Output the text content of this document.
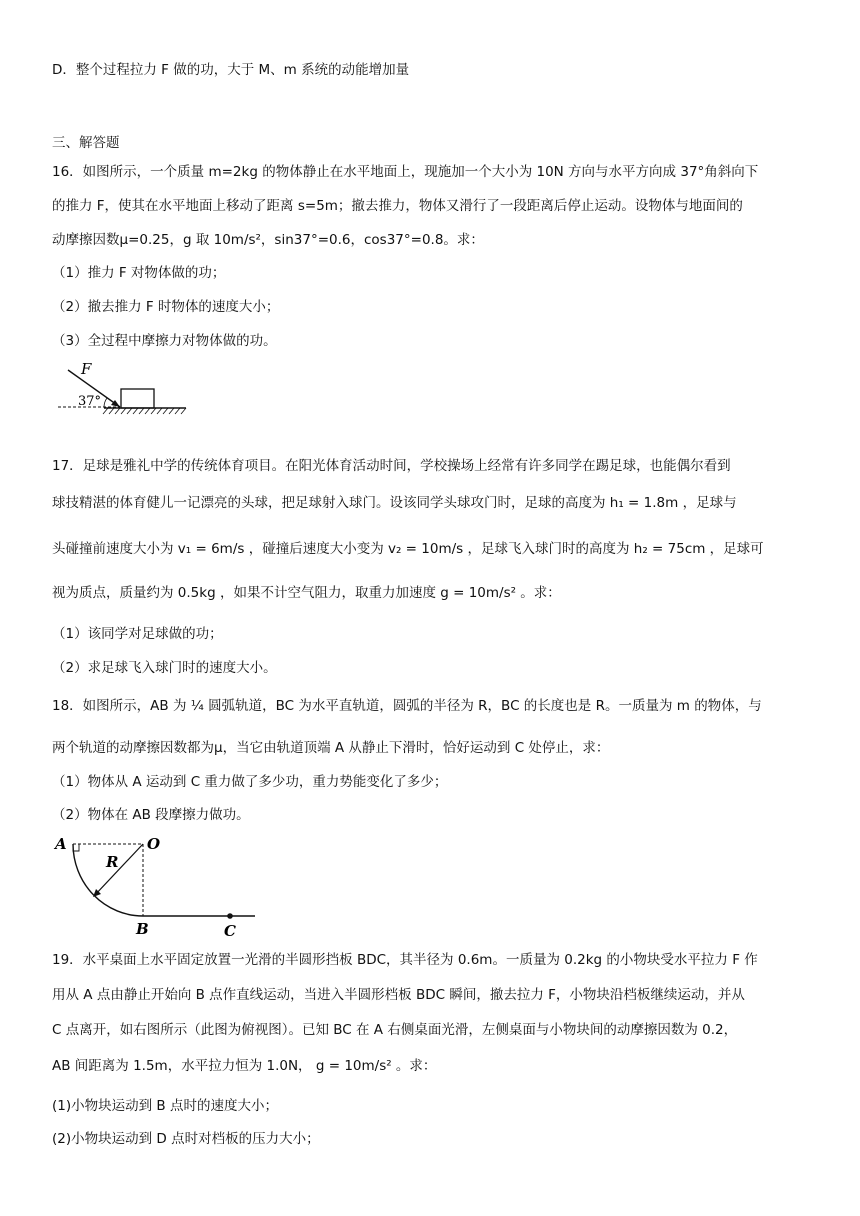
D．整个过程拉力 F 做的功，大于 M、m 系统的动能增加量
三、解答题
16．如图所示，一个质量 m=2kg 的物体静止在水平地面上，现施加一个大小为 10N 方向与水平方向成 37°角斜向下
的推力 F，使其在水平地面上移动了距离 s=5m；撤去推力，物体又滑行了一段距离后停止运动。设物体与地面间的
动摩擦因数μ=0.25，g 取 10m/s²，sin37°=0.6，cos37°=0.8。求：
（1）推力 F 对物体做的功；
（2）撤去推力 F 时物体的速度大小；
（3）全过程中摩擦力对物体做的功。
F
37°
17．足球是雅礼中学的传统体育项目。在阳光体育活动时间，学校操场上经常有许多同学在踢足球，也能偶尔看到
球技精湛的体育健儿一记漂亮的头球，把足球射入球门。设该同学头球攻门时，足球的高度为 h₁ = 1.8m ，足球与
头碰撞前速度大小为 v₁ = 6m/s ，碰撞后速度大小变为 v₂ = 10m/s ，足球飞入球门时的高度为 h₂ = 75cm ，足球可
视为质点，质量约为 0.5kg ，如果不计空气阻力，取重力加速度 g = 10m/s² 。求：
（1）该同学对足球做的功；
（2）求足球飞入球门时的速度大小。
18．如图所示，AB 为 ¼ 圆弧轨道，BC 为水平直轨道，圆弧的半径为 R，BC 的长度也是 R。一质量为 m 的物体，与
两个轨道的动摩擦因数都为μ，当它由轨道顶端 A 从静止下滑时，恰好运动到 C 处停止，求：
（1）物体从 A 运动到 C 重力做了多少功，重力势能变化了多少；
（2）物体在 AB 段摩擦力做功。
A	O
R
B	C
19．水平桌面上水平固定放置一光滑的半圆形挡板 BDC，其半径为 0.6m。一质量为 0.2kg 的小物块受水平拉力 F 作
用从 A 点由静止开始向 B 点作直线运动，当进入半圆形档板 BDC 瞬间，撤去拉力 F，小物块沿档板继续运动，并从
C 点离开，如右图所示（此图为俯视图）。已知 BC 在 A 右侧桌面光滑，左侧桌面与小物块间的动摩擦因数为 0.2，
AB 间距离为 1.5m，水平拉力恒为 1.0N， g = 10m/s² 。求：
(1)小物块运动到 B 点时的速度大小；
(2)小物块运动到 D 点时对档板的压力大小；
